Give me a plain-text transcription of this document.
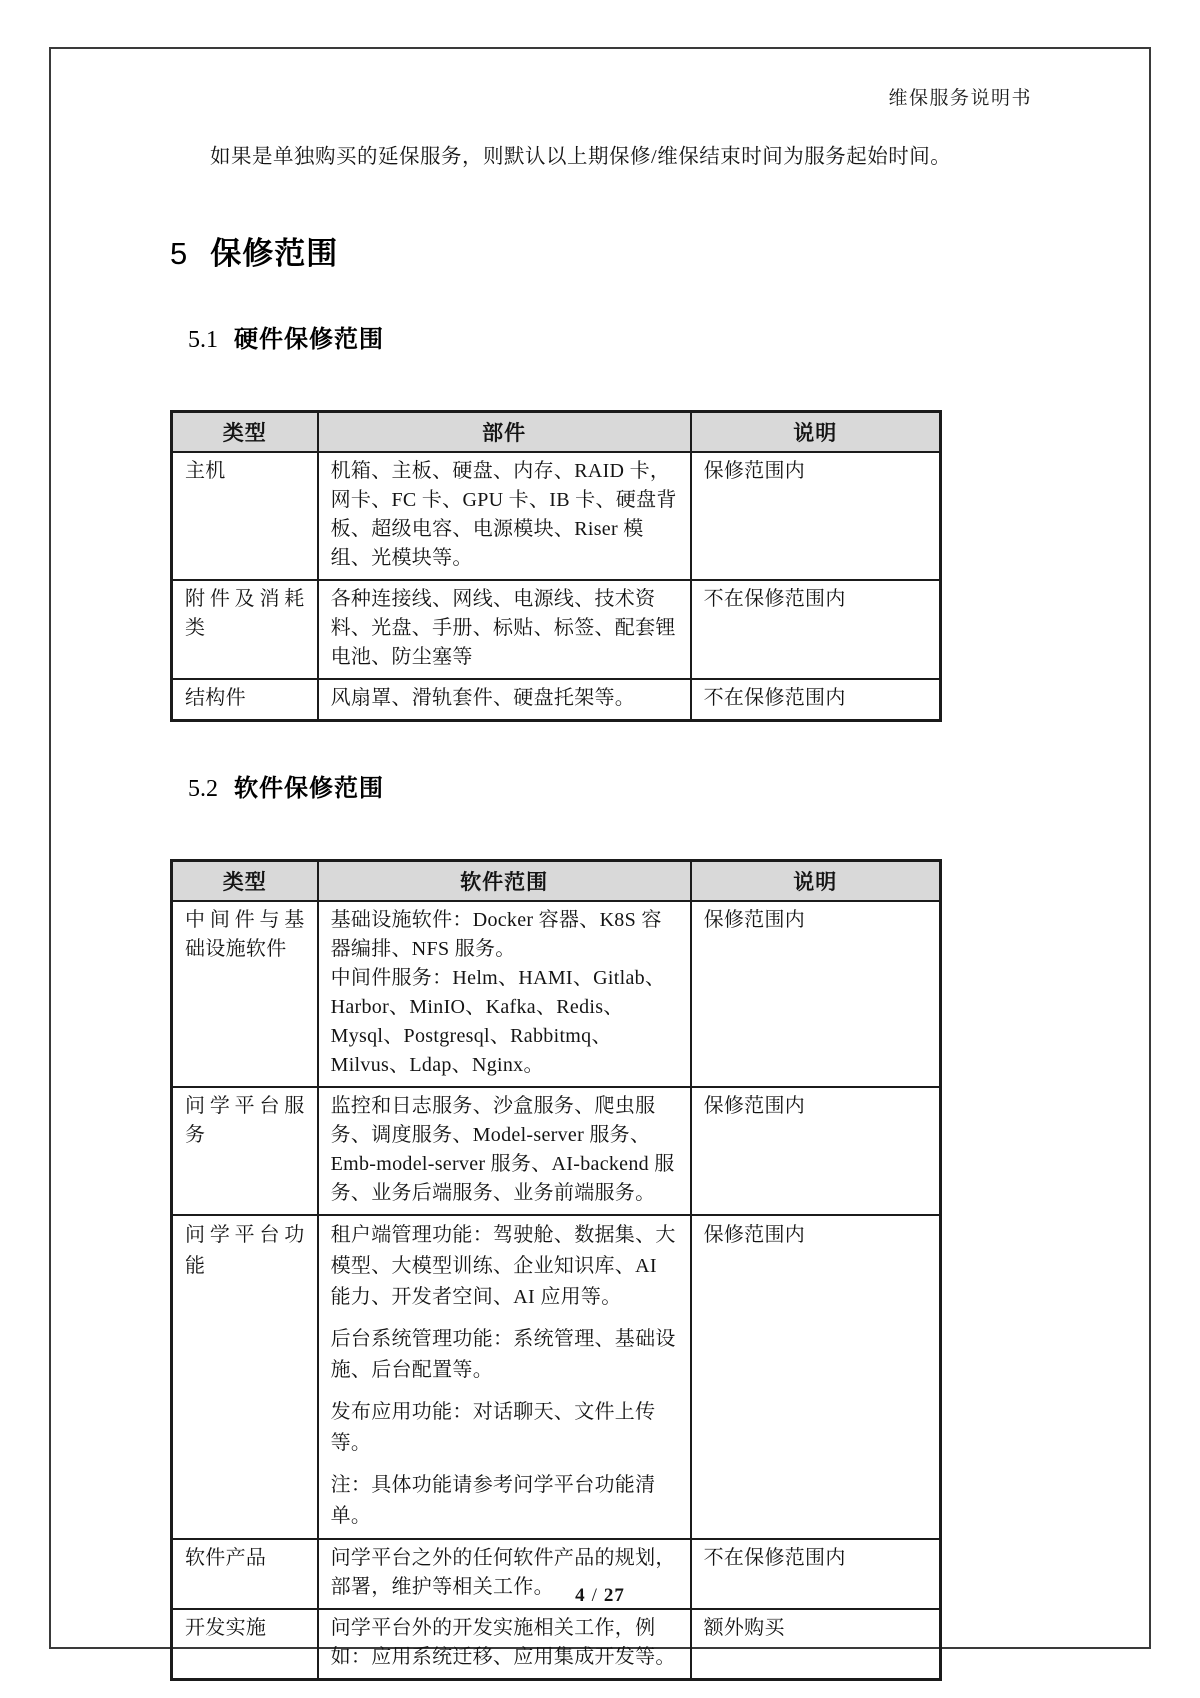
维保服务说明书

如果是单独购买的延保服务，则默认以上期保修/维保结束时间为服务起始时间。

5 保修范围
5.1 硬件保修范围
类型	部件	说明
主机	机箱、主板、硬盘、内存、RAID 卡，网卡、FC 卡、GPU 卡、IB 卡、硬盘背板、超级电容、电源模块、Riser 模组、光模块等。	保修范围内
附件及消耗类	各种连接线、网线、电源线、技术资料、光盘、手册、标贴、标签、配套锂电池、防尘塞等	不在保修范围内
结构件	风扇罩、滑轨套件、硬盘托架等。	不在保修范围内
5.2 软件保修范围
类型	软件范围	说明
中间件与基础设施软件	基础设施软件：Docker 容器、K8S 容器编排、NFS 服务。
中间件服务：Helm、HAMI、Gitlab、Harbor、MinIO、Kafka、Redis、Mysql、Postgresql、Rabbitmq、Milvus、Ldap、Nginx。	保修范围内
问学平台服务	监控和日志服务、沙盒服务、爬虫服务、调度服务、Model-server 服务、Emb-model-server 服务、AI-backend 服务、业务后端服务、业务前端服务。	保修范围内
问学平台功能	租户端管理功能：驾驶舱、数据集、大模型、大模型训练、企业知识库、AI 能力、开发者空间、AI 应用等。
后台系统管理功能：系统管理、基础设施、后台配置等。
发布应用功能：对话聊天、文件上传等。
注：具体功能请参考问学平台功能清单。	保修范围内
软件产品	问学平台之外的任何软件产品的规划，部署，维护等相关工作。	不在保修范围内
开发实施	问学平台外的开发实施相关工作，例如：应用系统迁移、应用集成开发等。	额外购买
4 / 27
